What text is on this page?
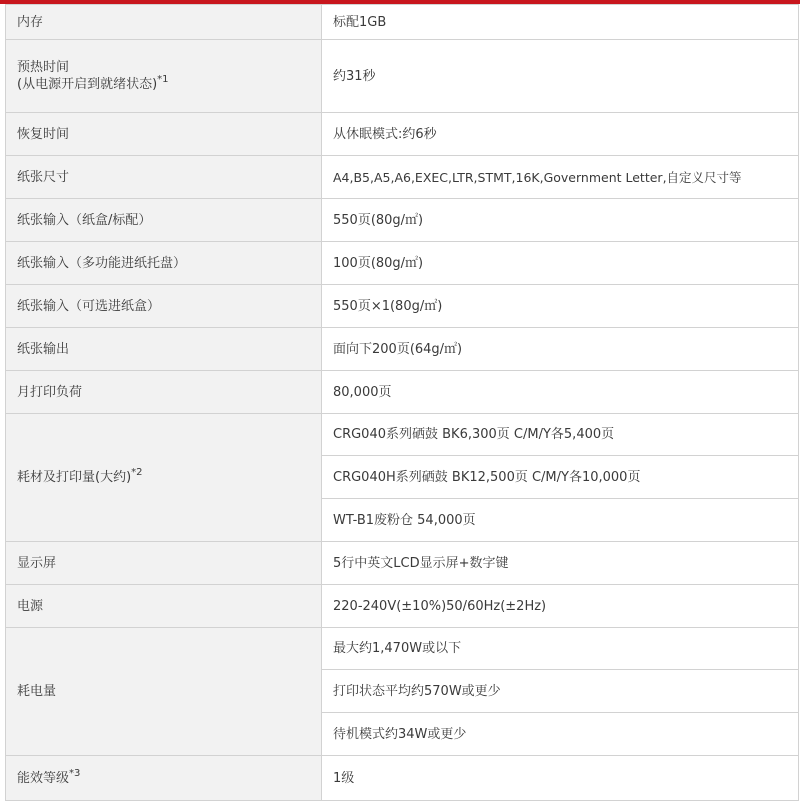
内存	标配1GB

预热时间
(从电源开启到就绪状态)$^{*1}$	约31秒
恢复时间	从休眠模式:约6秒
纸张尺寸	A4,B5,A5,A6,EXEC,LTR,STMT,16K,Government Letter,自定义尺寸等
纸张输入（纸盒/标配）	550页(80g/㎡)
纸张输入（多功能进纸托盘）	100页(80g/㎡)
纸张输入（可选进纸盒）	550页×1(80g/㎡)
纸张输出	面向下200页(64g/㎡)
月打印负荷	80,000页
耗材及打印量(大约)$^{*2}$	CRG040系列硒鼓 BK6,300页 C/M/Y各5,400页
	CRG040H系列硒鼓 BK12,500页 C/M/Y各10,000页
	WT-B1废粉仓 54,000页
显示屏	5行中英文LCD显示屏+数字键
电源	220-240V(±10%)50/60Hz(±2Hz)
耗电量	最大约1,470W或以下
	打印状态平均约570W或更少
	待机模式约34W或更少
能效等级$^{*3}$	1级
